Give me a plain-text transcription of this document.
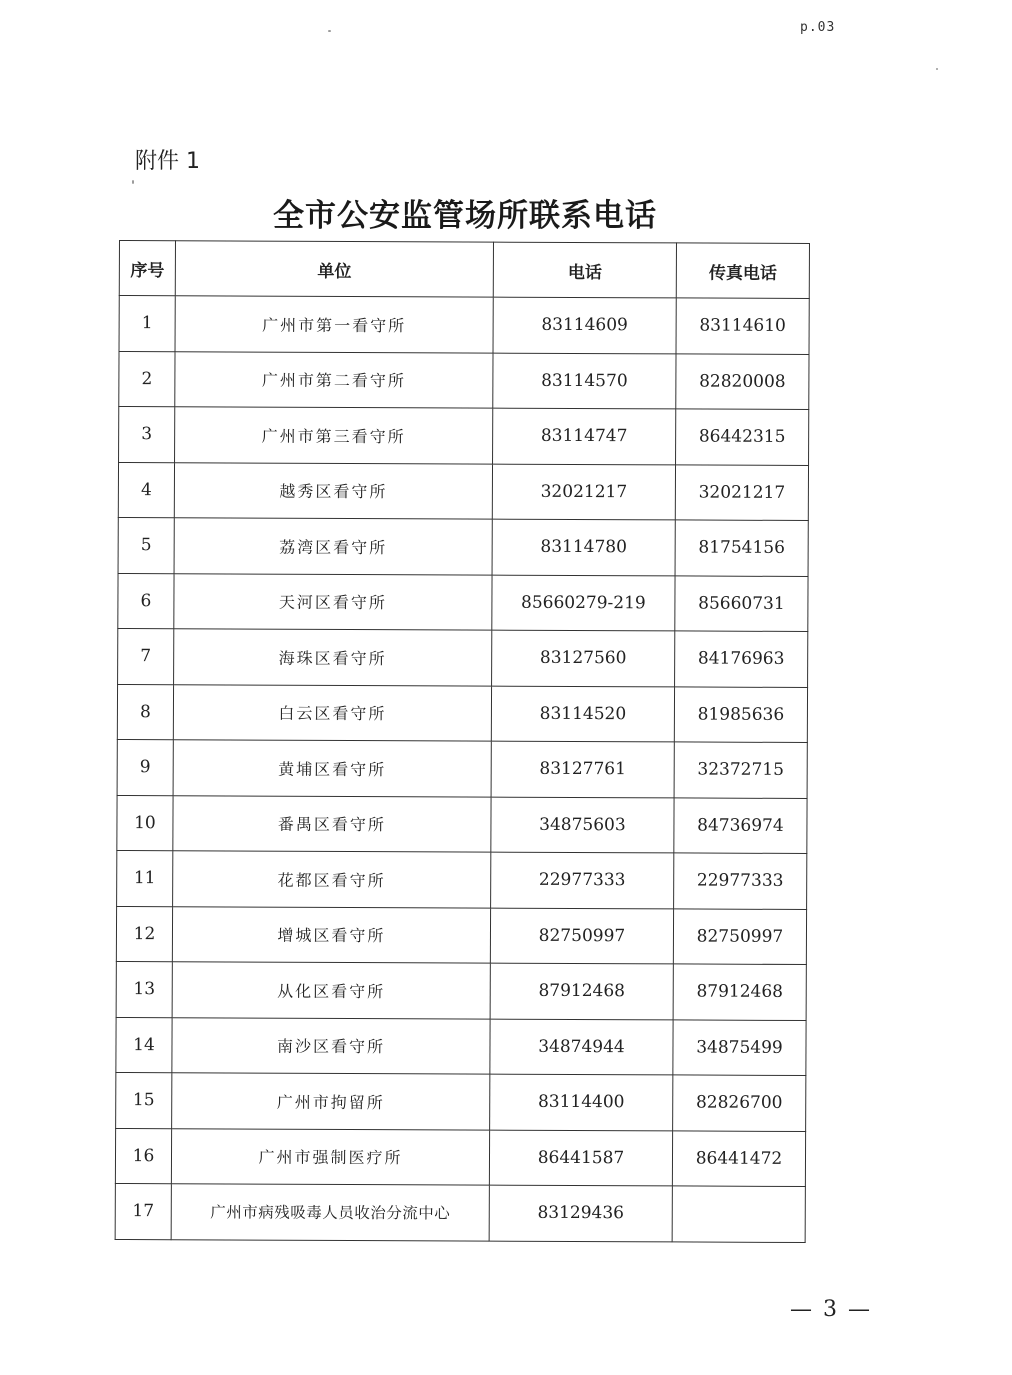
p.03
附件 1
全市公安监管场所联系电话
序号	单位	电话	传真电话
1	广州市第一看守所	83114609	83114610
2	广州市第二看守所	83114570	82820008
3	广州市第三看守所	83114747	86442315
4	越秀区看守所	32021217	32021217
5	荔湾区看守所	83114780	81754156
6	天河区看守所	85660279-219	85660731
7	海珠区看守所	83127560	84176963
8	白云区看守所	83114520	81985636
9	黄埔区看守所	83127761	32372715
10	番禺区看守所	34875603	84736974
11	花都区看守所	22977333	22977333
12	增城区看守所	82750997	82750997
13	从化区看守所	87912468	87912468
14	南沙区看守所	34874944	34875499
15	广州市拘留所	83114400	82826700
16	广州市强制医疗所	86441587	86441472
17	广州市病残吸毒人员收治分流中心	83129436	
— 3 —
